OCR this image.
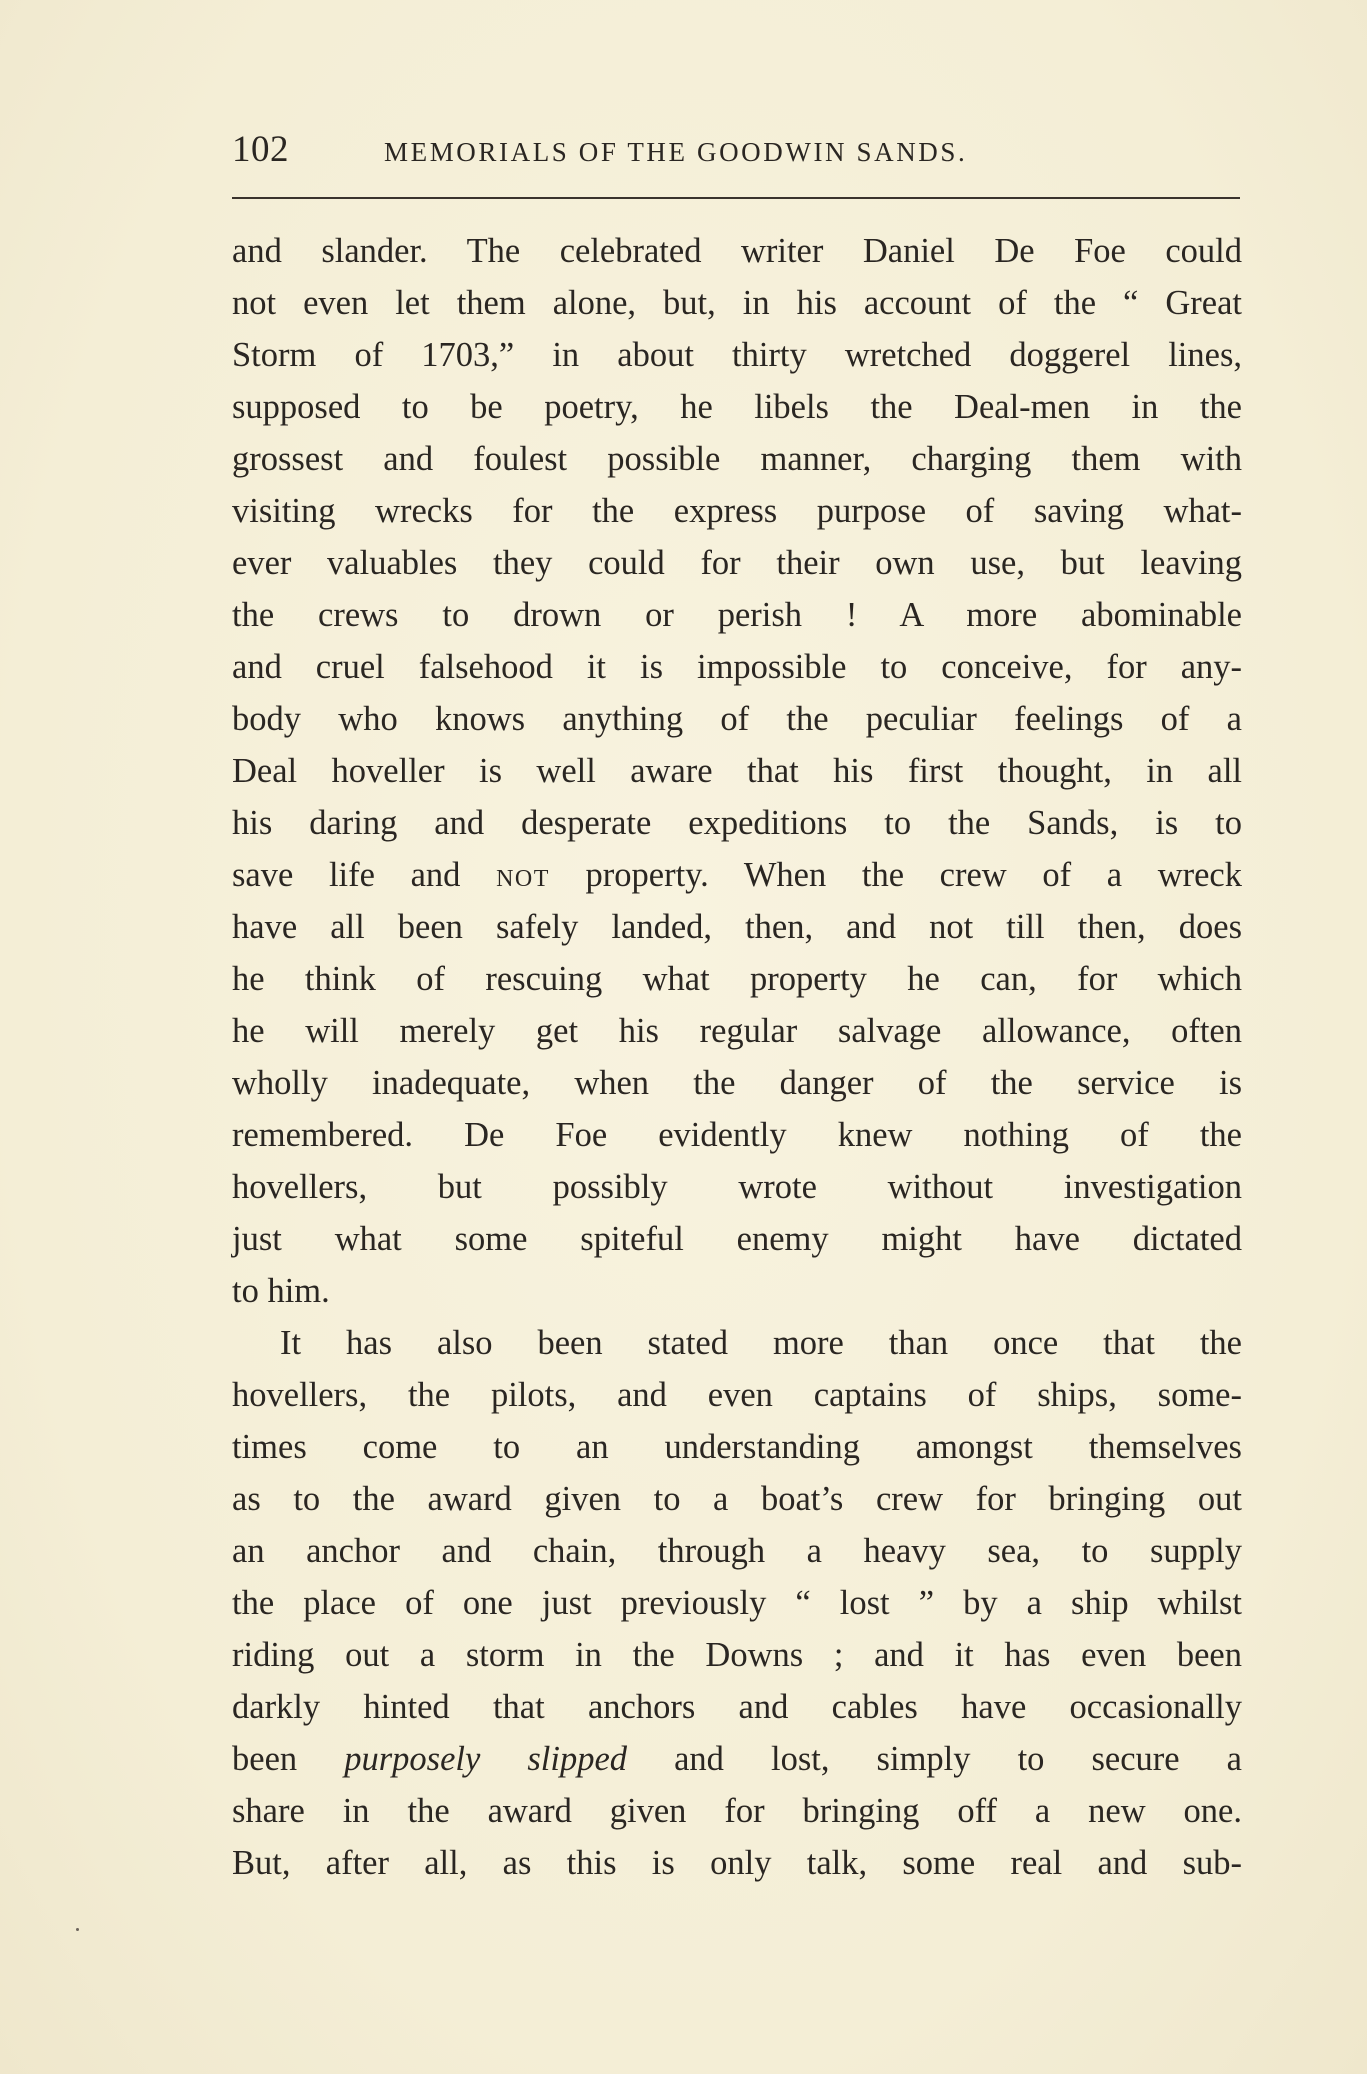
102	MEMORIALS OF THE GOODWIN SANDS.
and slander. The celebrated writer Daniel De Foe could
not even let them alone, but, in his account of the “ Great
Storm of 1703,” in about thirty wretched doggerel lines,
supposed to be poetry, he libels the Deal-men in the
grossest and foulest possible manner, charging them with
visiting wrecks for the express purpose of saving what-
ever valuables they could for their own use, but leaving
the crews to drown or perish ! A more abominable
and cruel falsehood it is impossible to conceive, for any-
body who knows anything of the peculiar feelings of a
Deal hoveller is well aware that his first thought, in all
his daring and desperate expeditions to the Sands, is to
save life and NOT property. When the crew of a wreck
have all been safely landed, then, and not till then, does
he think of rescuing what property he can, for which
he will merely get his regular salvage allowance, often
wholly inadequate, when the danger of the service is
remembered. De Foe evidently knew nothing of the
hovellers, but possibly wrote without investigation
just what some spiteful enemy might have dictated
to him.
It has also been stated more than once that the
hovellers, the pilots, and even captains of ships, some-
times come to an understanding amongst themselves
as to the award given to a boat’s crew for bringing out
an anchor and chain, through a heavy sea, to supply
the place of one just previously “ lost ” by a ship whilst
riding out a storm in the Downs ; and it has even been
darkly hinted that anchors and cables have occasionally
been purposely slipped and lost, simply to secure a
share in the award given for bringing off a new one.
But, after all, as this is only talk, some real and sub-
